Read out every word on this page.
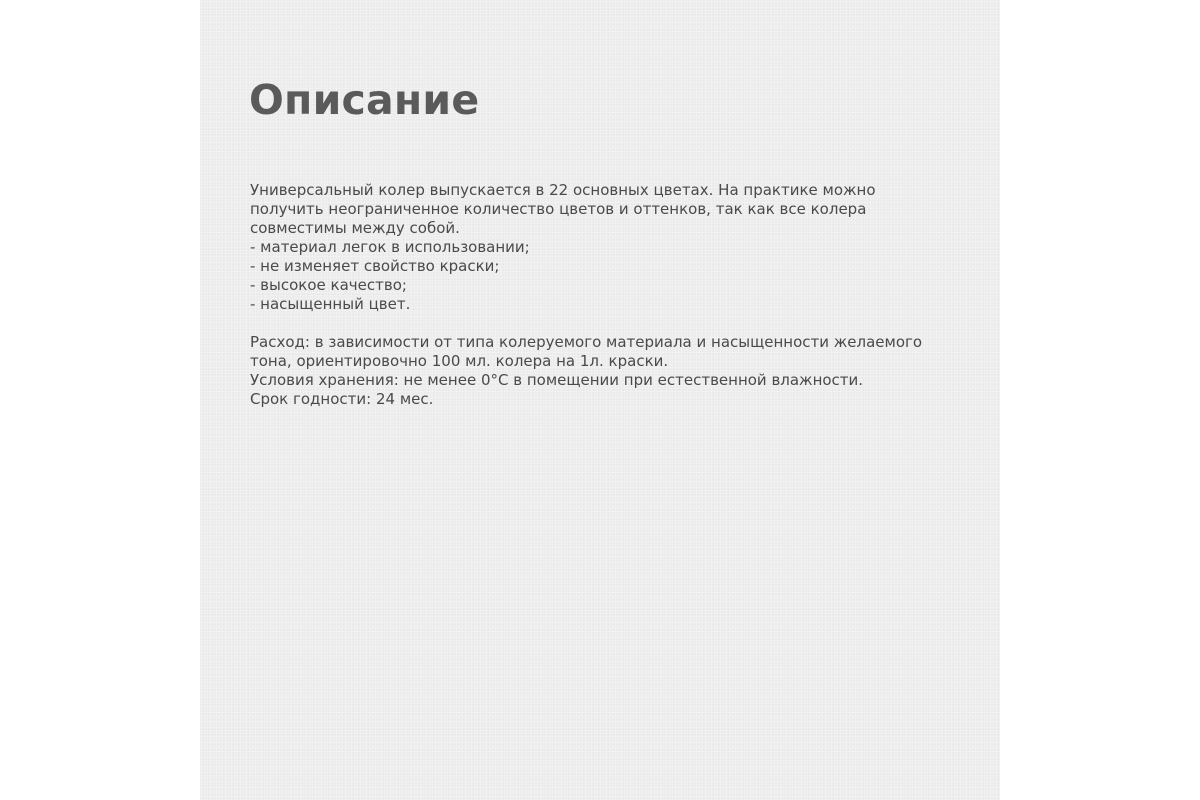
Описание
Универсальный колер выпускается в 22 основных цветах. На практике можно
получить неограниченное количество цветов и оттенков, так как все колера
совместимы между собой.
- материал легок в использовании;
- не изменяет свойство краски;
- высокое качество;
- насыщенный цвет.
Расход: в зависимости от типа колеруемого материала и насыщенности желаемого
тона, ориентировочно 100 мл. колера на 1л. краски.
Условия хранения: не менее 0°С в помещении при естественной влажности.
Срок годности: 24 мес.
